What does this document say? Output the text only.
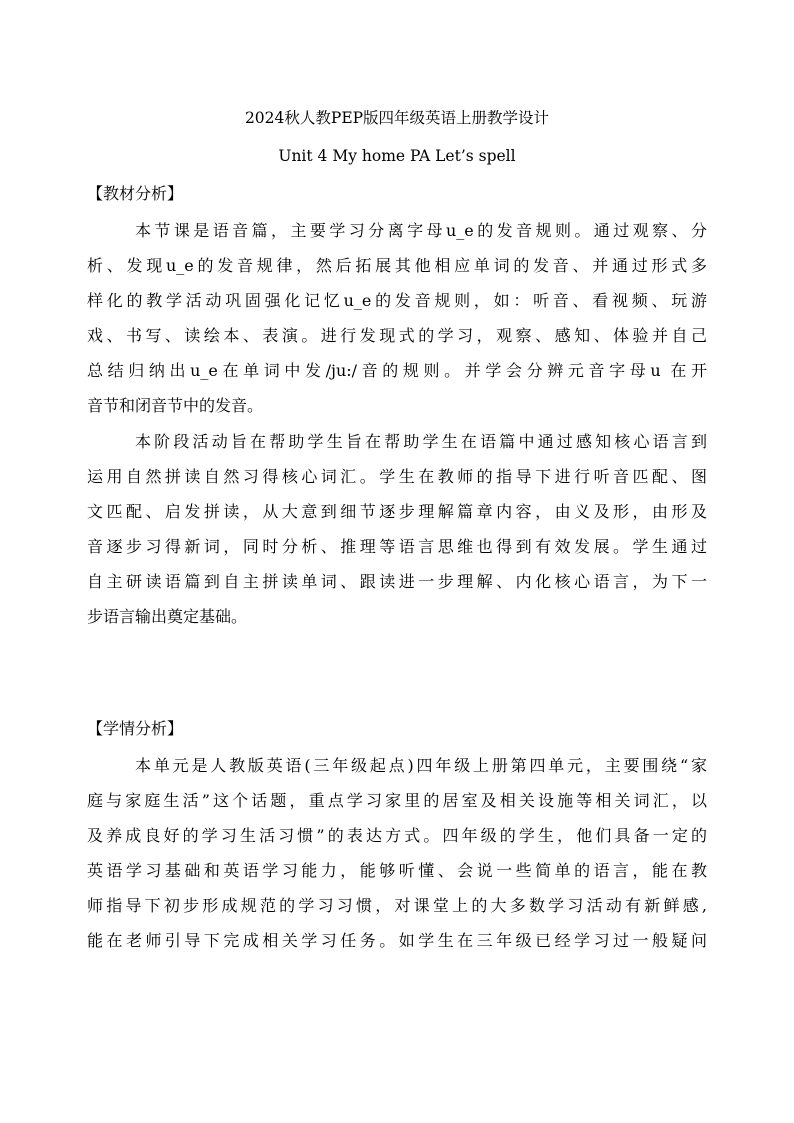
2024秋人教PEP版四年级英语上册教学设计
Unit 4 My home PA Let’s spell
【教材分析】
本节课是语音篇，主要学习分离字母u_e的发音规则。通过观察、分
析、发现u_e的发音规律，然后拓展其他相应单词的发音、并通过形式多
样化的教学活动巩固强化记忆u_e的发音规则，如：听音、看视频、玩游
戏、书写、读绘本、表演。进行发现式的学习，观察、感知、体验并自己
总结归纳出u_e在单词中发/ju:/音的规则。并学会分辨元音字母u 在开
音节和闭音节中的发音。
本阶段活动旨在帮助学生旨在帮助学生在语篇中通过感知核心语言到
运用自然拼读自然习得核心词汇。学生在教师的指导下进行听音匹配、图
文匹配、启发拼读，从大意到细节逐步理解篇章内容，由义及形，由形及
音逐步习得新词，同时分析、推理等语言思维也得到有效发展。学生通过
自主研读语篇到自主拼读单词、跟读进一步理解、内化核心语言，为下一
步语言输出奠定基础。
【学情分析】
本单元是人教版英语(三年级起点)四年级上册第四单元，主要围绕“家
庭与家庭生活”这个话题，重点学习家里的居室及相关设施等相关词汇，以
及养成良好的学习生活习惯”的表达方式。四年级的学生，他们具备一定的
英语学习基础和英语学习能力，能够听懂、会说一些简单的语言，能在教
师指导下初步形成规范的学习习惯，对课堂上的大多数学习活动有新鲜感,
能在老师引导下完成相关学习任务。如学生在三年级已经学习过一般疑问
